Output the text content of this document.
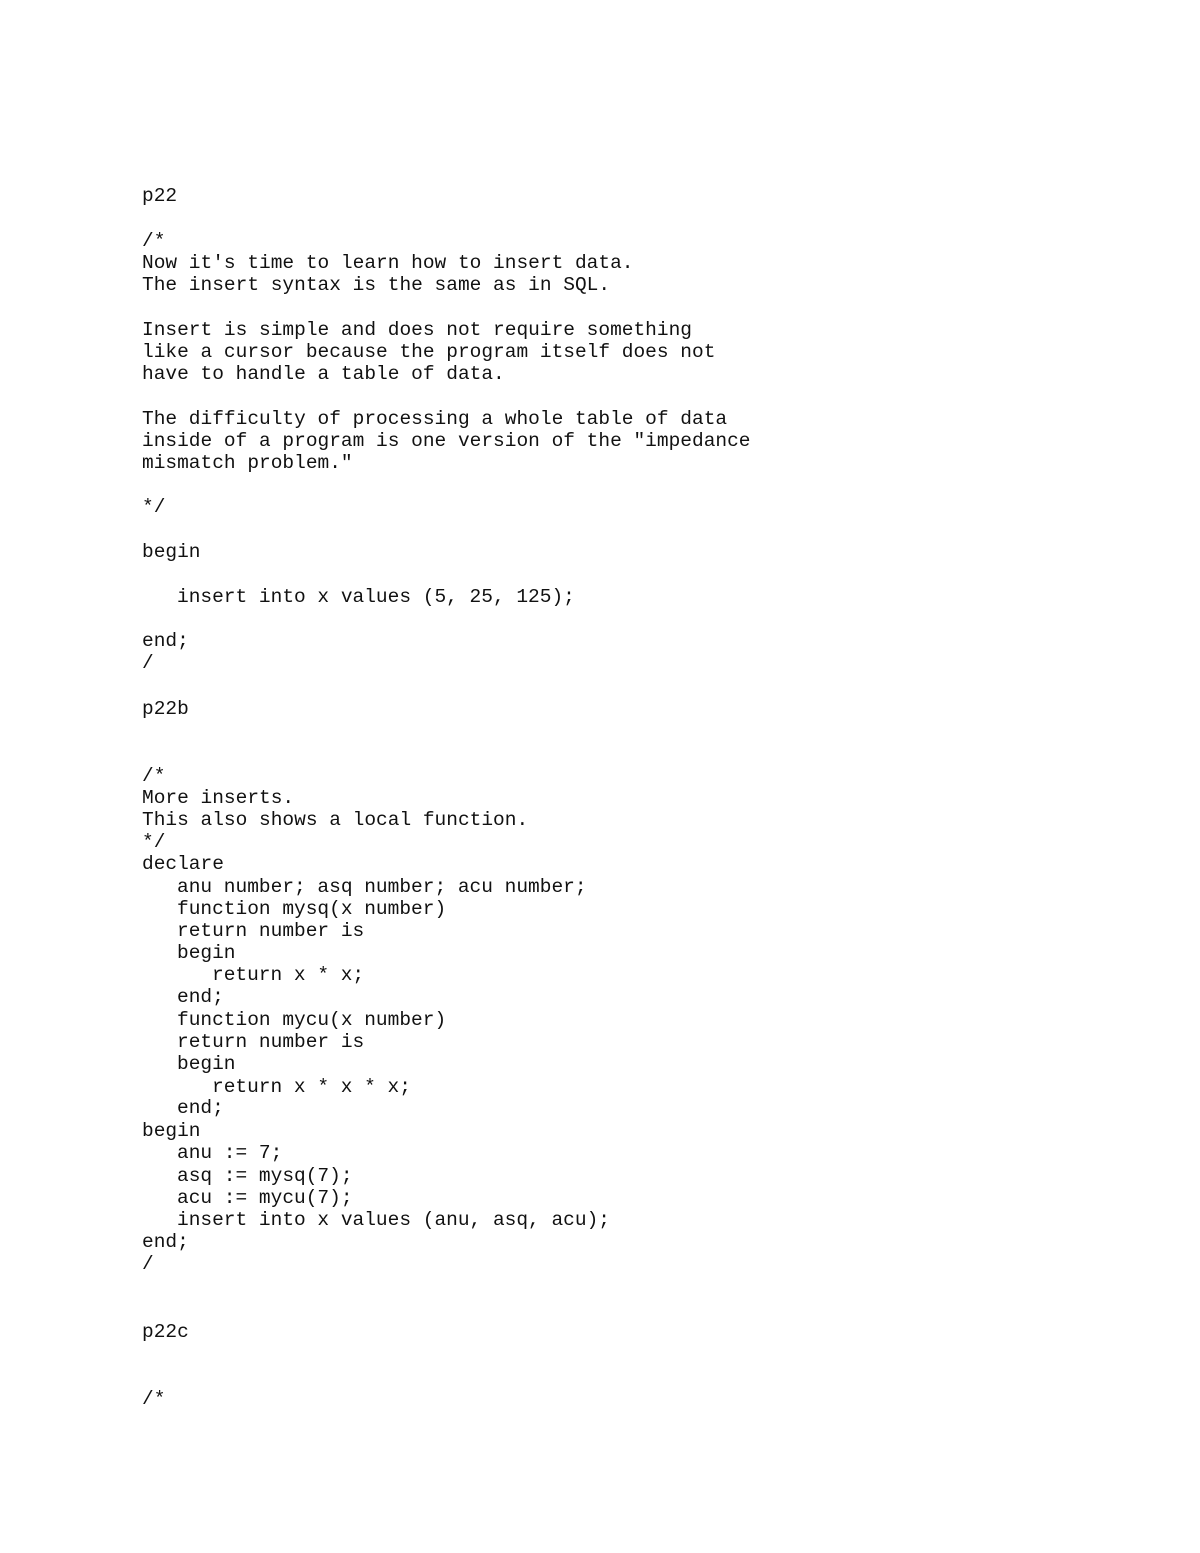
p22
/*
Now it's time to learn how to insert data.
The insert syntax is the same as in SQL.
Insert is simple and does not require something
like a cursor because the program itself does not
have to handle a table of data.
The difficulty of processing a whole table of data
inside of a program is one version of the "impedance
mismatch problem."
*/
begin
insert into x values (5, 25, 125);
end;
/
p22b
/*
More inserts.
This also shows a local function.
*/
declare
anu number; asq number; acu number;
function mysq(x number)
return number is
begin
return x * x;
end;
function mycu(x number)
return number is
begin
return x * x * x;
end;
begin
anu := 7;
asq := mysq(7);
acu := mycu(7);
insert into x values (anu, asq, acu);
end;
/
p22c
/*
